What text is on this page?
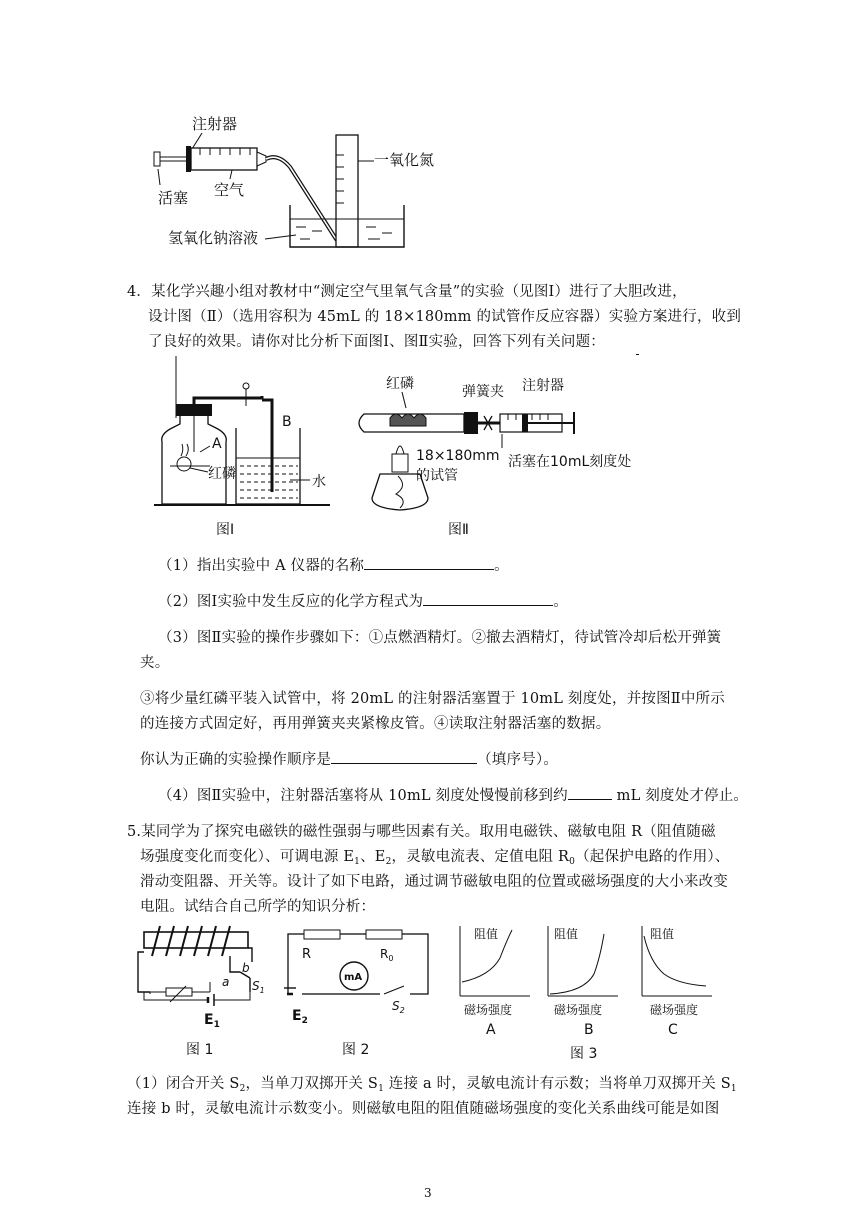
注射器
活塞 空气
一氧化氮
氢氧化钠溶液
4．某化学兴趣小组对教材中“测定空气里氧气含量”的实验（见图Ⅰ）进行了大胆改进，
设计图（Ⅱ）（选用容积为 45mL 的 18×180mm 的试管作反应容器）实验方案进行，收到
了良好的效果。请你对比分析下面图Ⅰ、图Ⅱ实验，回答下列有关问题：
A
红磷
B
水
图Ⅰ
红磷	弹簧夹 注射器
活塞在10mL刻度处
18×180mm
的试管
图Ⅱ
（1）指出实验中 A 仪器的名称	。
（2）图Ⅰ实验中发生反应的化学方程式为	。
（3）图Ⅱ实验的操作步骤如下：①点燃酒精灯。②撤去酒精灯，待试管冷却后松开弹簧
夹。
③将少量红磷平装入试管中，将 20mL 的注射器活塞置于 10mL 刻度处，并按图Ⅱ中所示
的连接方式固定好，再用弹簧夹夹紧橡皮管。④读取注射器活塞的数据。
你认为正确的实验操作顺序是	（填序号）。
（4）图Ⅱ实验中，注射器活塞将从 10mL 刻度处慢慢前移到约	mL 刻度处才停止。
5.某同学为了探究电磁铁的磁性强弱与哪些因素有关。取用电磁铁、磁敏电阻 R（阻值随磁
场强度变化而变化）、可调电源 $E_1$、$E_2$，灵敏电流表、定值电阻 $R_0$（起保护电路的作用）、
滑动变阻器、开关等。设计了如下电路，通过调节磁敏电阻的位置或磁场强度的大小来改变
电阻。试结合自己所学的知识分析：
b
a $S_1$
$E_1$
图 1
R	$R_0$
mA
$S_2$
$E_2$
图 2
阻值
磁场强度
A
阻值
磁场强度
B
阻值
磁场强度
C
图 3
（1）闭合开关 $S_2$，当单刀双掷开关 $S_1$ 连接 a 时，灵敏电流计有示数；当将单刀双掷开关 $S_1$
连接 b 时，灵敏电流计示数变小。则磁敏电阻的阻值随磁场强度的变化关系曲线可能是如图
3
